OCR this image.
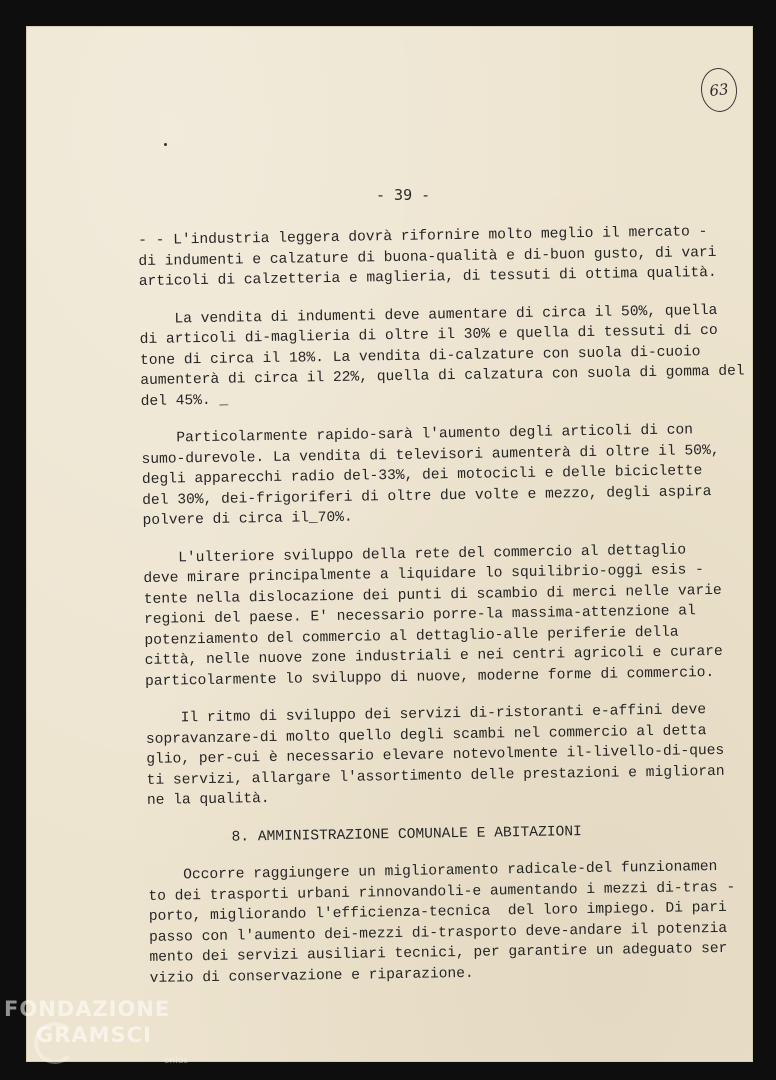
63
- 39 -
- - L'industria leggera dovrà rifornire molto meglio il mercato -
di indumenti e calzature di buona-qualità e di-buon gusto, di vari
articoli di calzetteria e maglieria, di tessuti di ottima qualità.
La vendita di indumenti deve aumentare di circa il 50%, quella
di articoli di-maglieria di oltre il 30% e quella di tessuti di co
tone di circa il 18%. La vendita di-calzature con suola di-cuoio
aumenterà di circa il 22%, quella di calzatura con suola di gomma del
del 45%. _
Particolarmente rapido-sarà l'aumento degli articoli di con
sumo-durevole. La vendita di televisori aumenterà di oltre il 50%,
degli apparecchi radio del-33%, dei motocicli e delle biciclette
del 30%, dei-frigoriferi di oltre due volte e mezzo, degli aspira
polvere di circa il_70%.
L'ulteriore sviluppo della rete del commercio al dettaglio
deve mirare principalmente a liquidare lo squilibrio-oggi esis -
tente nella dislocazione dei punti di scambio di merci nelle varie
regioni del paese. E' necessario porre-la massima-attenzione al
potenziamento del commercio al dettaglio-alle periferie della
città, nelle nuove zone industriali e nei centri agricoli e curare
particolarmente lo sviluppo di nuove, moderne forme di commercio.
Il ritmo di sviluppo dei servizi di-ristoranti e-affini deve
sopravanzare-di molto quello degli scambi nel commercio al detta
glio, per-cui è necessario elevare notevolmente il-livello-di-ques
ti servizi, allargare l'assortimento delle prestazioni e miglioran
ne la qualità.
8. AMMINISTRAZIONE COMUNALE E ABITAZIONI
Occorre raggiungere un miglioramento radicale-del funzionamen
to dei trasporti urbani rinnovandoli-e aumentando i mezzi di-tras -
porto, migliorando l'efficienza-tecnica  del loro impiego. Di pari
passo con l'aumento dei-mezzi di-trasporto deve-andare il potenzia
mento dei servizi ausiliari tecnici, per garantire un adeguato ser
vizio di conservazione e riparazione.
FONDAZIONE
GRAMSCI
onlus
